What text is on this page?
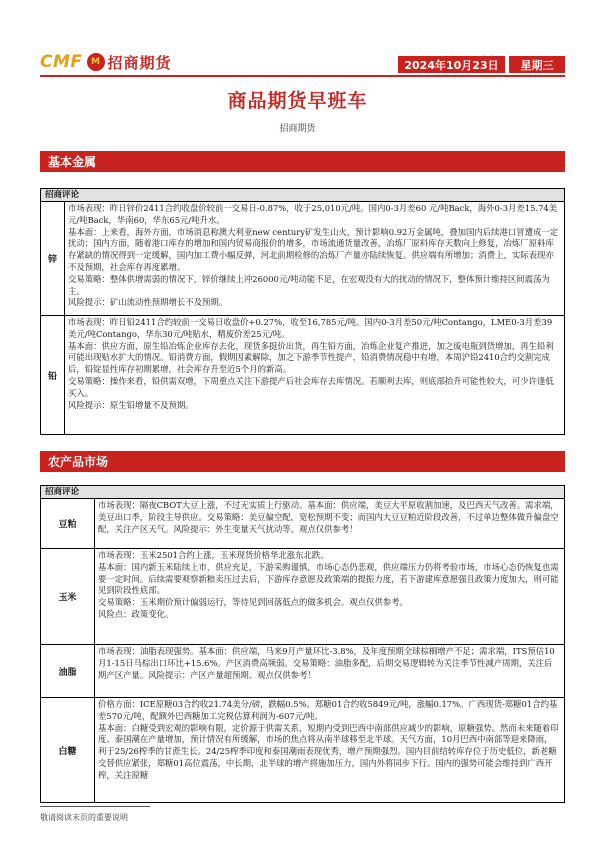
CMF M 招商期货	2024年10月23日	星期三
商品期货早班车
招商期货
基本金属
招商评论
锌

市场表现：昨日锌价2411合约收盘价较前一交易日-0.87%，收于25,010元/吨。国内0-3月差60 元/吨Back，海外0-3月差15.74美元/吨Back，华南60，华东65元/吨升水。

基本面：上来看，海外方面，市场消息称澳大利亚new century矿发生山火，预计影响0.92万金属吨，叠加国内后续港口冒遭成一定扰动；国内方面，随着港口库存的增加和国内贸易商报价的增多，市场流通货量改善，冶炼厂原料库存天数向上修复，冶炼厂原料库存紧缺的情况得到一定缓解，国内加工费小幅反弹，河北前期检修的冶炼厂产量亦陆续恢复。供应端有所增加；消费上，实际表现亦不及预期，社会库存再度累增。

交易策略：整体供增需弱的情况下，锌价继续上冲26000元/吨动能不足，在宏观没有大的扰动的情况下，整体预计维持区间震荡为主。

风险提示：矿山流动性预期增长不及预期。

铅

市场表现：昨日铅2411合约较前一交易日收盘价+0.27%，收至16,785元/吨。国内0-3月差50元/吨Contango，LME0-3月差39美元/吨Contango，华东30元/吨贴水，精废价差25元/吨。

基本面：供应方面，原生铅冶炼企业库存去化，现货多挺价出货，再生铅方面，冶炼企业复产推进，加之废电瓶到货增加，再生铅利可能出现贴水扩大的情况。铅消费方面，假期因素解除，加之下游季节性提产，铅消费情况稳中有增，本周沪铅2410合约交割完成后，铅锭显性库存初期累增，社会库存升至近5个月的新高。

交易策略：操作来看，铅供需双增，下周重点关注下游提产后社会库存去库情况。若顺利去库，则底部抬升可能性较大，可少许逢低买入。

风险提示：原生铅增量不及预期。

农产品市场
招商评论
豆粕

市场表现：隔夜CBOT大豆上涨，不过无实质上行驱动。基本面：供应端，美豆大平原收割加速，及巴西天气改善。需求端，美豆出口季，阶段主导供应。交易策略：美豆偏空配，宽松预期不变；而国内大豆豆粕近阶段改善，不过单边整体做升偏盘空配，关注产区天气。风险提示：外生变量天气扰动等。观点仅供参考！

玉米

市场表现：玉米2501合约上涨，玉米现货价格华北涨东北跌。

基本面：国内新玉米陆续上市，供应充足，下游采购谨慎，市场心态仍悲观，供应端压力仍将考验市场，市场心态仍恢复也需要一定时间。后续需要观察新粮卖压过去后，下游库存意愿及政策端的提振力度，若下游建库意愿强且政策力度加大，则可能见到阶段性底部。

交易策略：玉米期价预计偏弱运行，等待见到回落低点的做多机会。观点仅供参考。

风险点：政策变化。

油脂

市场表现：油脂表现强势。基本面：供应端，马来9月产量环比-3.8%，及年度预期全球棕榈增产不足；需求端，ITS预估10月1-15日马棕出口环比+15.6%。产区消费高频弱。交易策略：油脂多配，后期交易逻辑转为关注季节性减产周期，关注后期产区产量。风险提示：产区产量超预期。观点仅供参考！

白糖

价格方面：ICE原糖03合约收21.74美分/磅，跌幅0.5%。郑糖01合约收5849元/吨，涨幅0.17%。广西现货-郑糖01合约基差570元/吨，配额外巴西糖加工完税估算利润为-607元/吨。

基本面：白糖受到宏观的影响有限，定价源于供需关系，短期内受到巴西中南部供应减少的影响，原糖强势。然而未来随着印度、泰国潮在产量增加，预计情况有所缓解，市场的焦点将从南半球移至北半球。天气方面，10月巴西中南部等迎来降雨，利于25/26榨季的甘蔗生长。24/25榨季印度和泰国潮雨表现优秀，增产预期强烈。国内目前结转库存位于历史低位，新老糖交替供应紧张，郑糖01高位震荡，中长期，北半球的增产将施加压力，国内外将同步下行。国内的强势可能会维持到广西开榨，关注原糖

敬请阅读末页的重要说明
